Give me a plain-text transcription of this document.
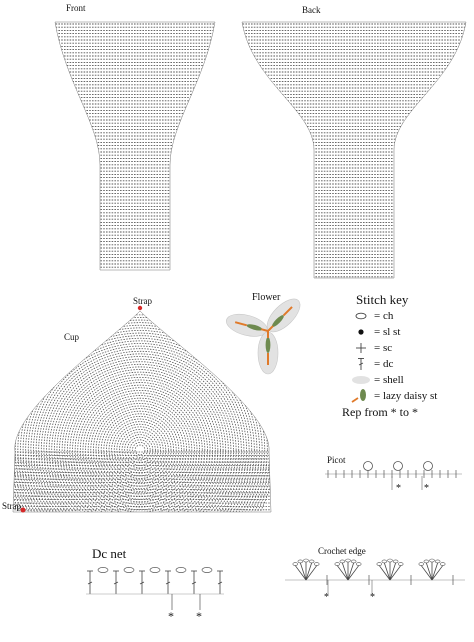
Front	Back
Strap
Cup
Flower
Strap
Picot
Dc net	Crochet edge
Stitch key
= ch
= sl st
= sc
= dc
= shell
= lazy daisy st
Rep from * to *
* *
* *
*	*
